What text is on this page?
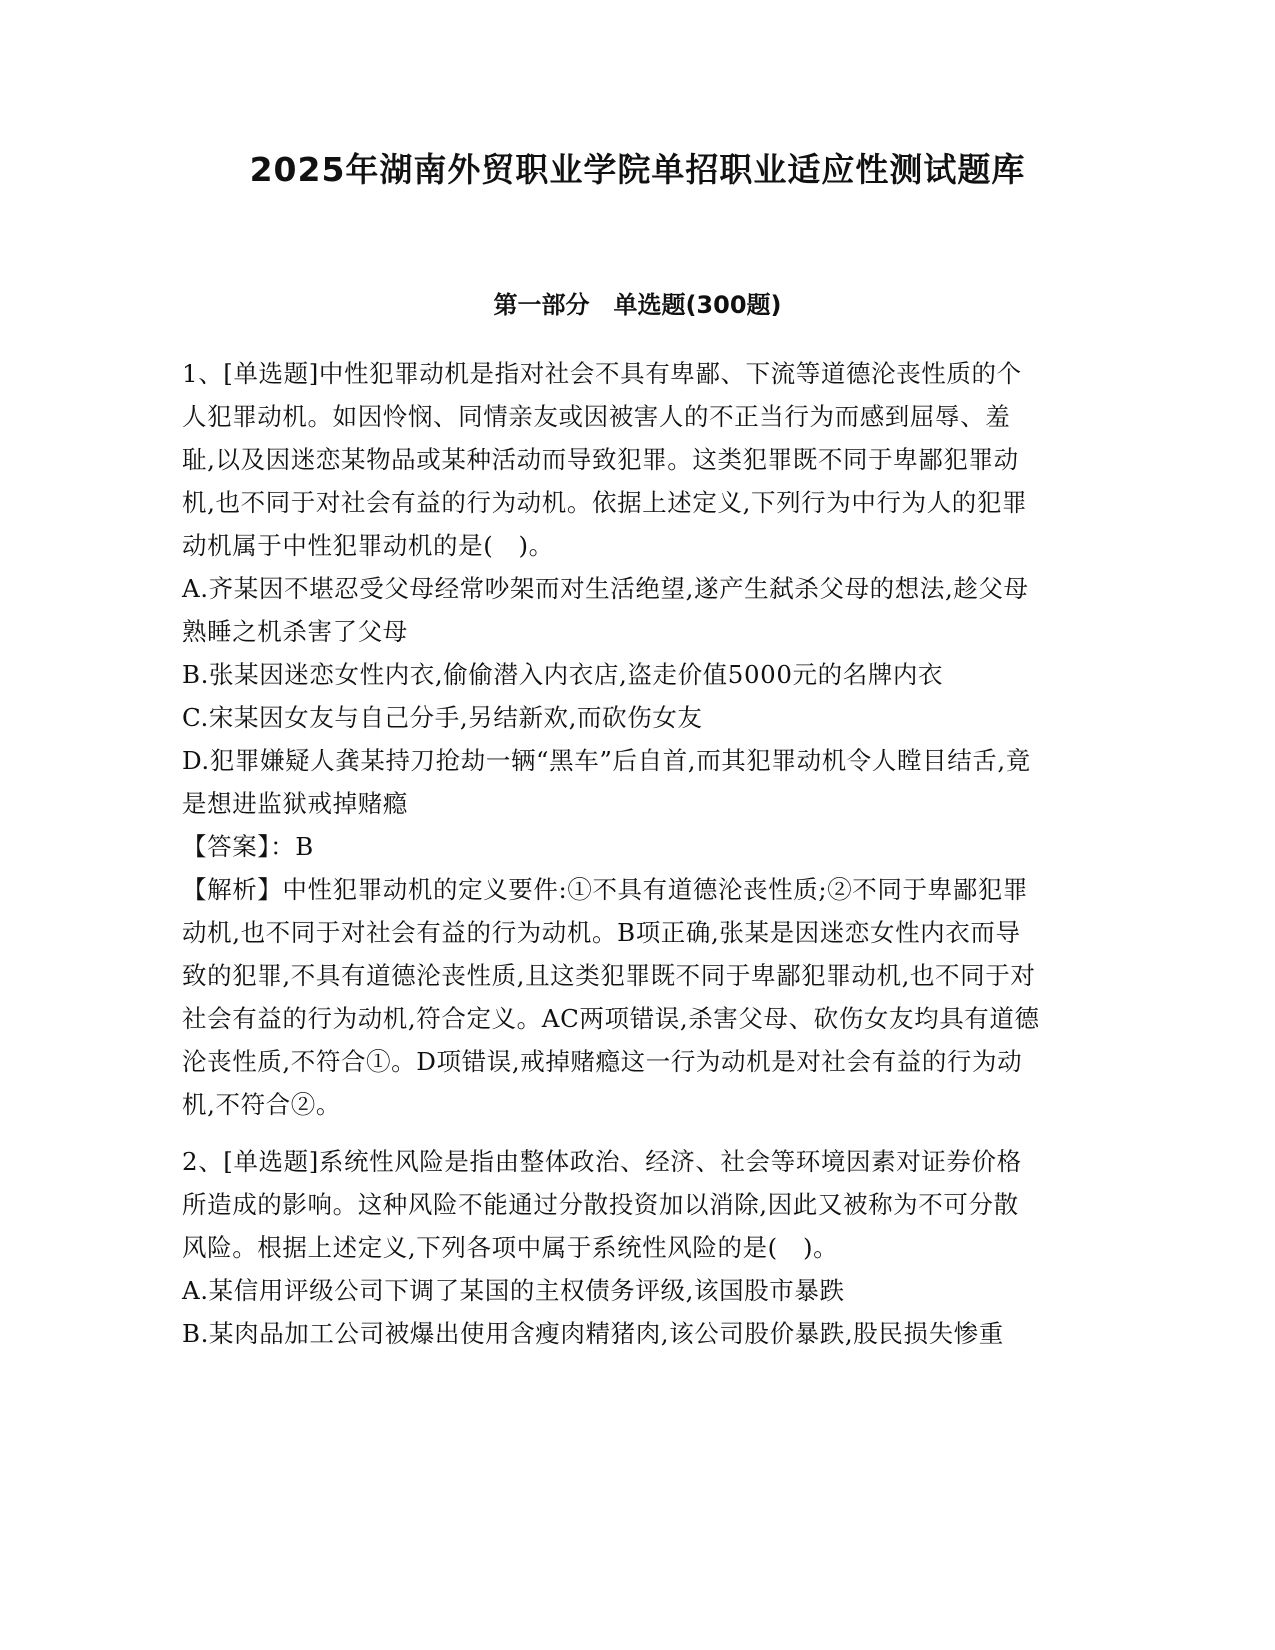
2025年湖南外贸职业学院单招职业适应性测试题库
第一部分　单选题(300题)

1、[单选题]中性犯罪动机是指对社会不具有卑鄙、下流等道德沦丧性质的个人犯罪动机。如因怜悯、同情亲友或因被害人的不正当行为而感到屈辱、羞耻,以及因迷恋某物品或某种活动而导致犯罪。这类犯罪既不同于卑鄙犯罪动机,也不同于对社会有益的行为动机。依据上述定义,下列行为中行为人的犯罪动机属于中性犯罪动机的是(　)。

A.齐某因不堪忍受父母经常吵架而对生活绝望,遂产生弑杀父母的想法,趁父母熟睡之机杀害了父母

B.张某因迷恋女性内衣,偷偷潜入内衣店,盗走价值5000元的名牌内衣

C.宋某因女友与自己分手,另结新欢,而砍伤女友

D.犯罪嫌疑人龚某持刀抢劫一辆“黑车”后自首,而其犯罪动机令人瞠目结舌,竟是想进监狱戒掉赌瘾

【答案】：B

【解析】中性犯罪动机的定义要件:①不具有道德沦丧性质;②不同于卑鄙犯罪动机,也不同于对社会有益的行为动机。B项正确,张某是因迷恋女性内衣而导致的犯罪,不具有道德沦丧性质,且这类犯罪既不同于卑鄙犯罪动机,也不同于对社会有益的行为动机,符合定义。AC两项错误,杀害父母、砍伤女友均具有道德沦丧性质,不符合①。D项错误,戒掉赌瘾这一行为动机是对社会有益的行为动机,不符合②。

2、[单选题]系统性风险是指由整体政治、经济、社会等环境因素对证券价格所造成的影响。这种风险不能通过分散投资加以消除,因此又被称为不可分散风险。根据上述定义,下列各项中属于系统性风险的是(　)。

A.某信用评级公司下调了某国的主权债务评级,该国股市暴跌

B.某肉品加工公司被爆出使用含瘦肉精猪肉,该公司股价暴跌,股民损失惨重
